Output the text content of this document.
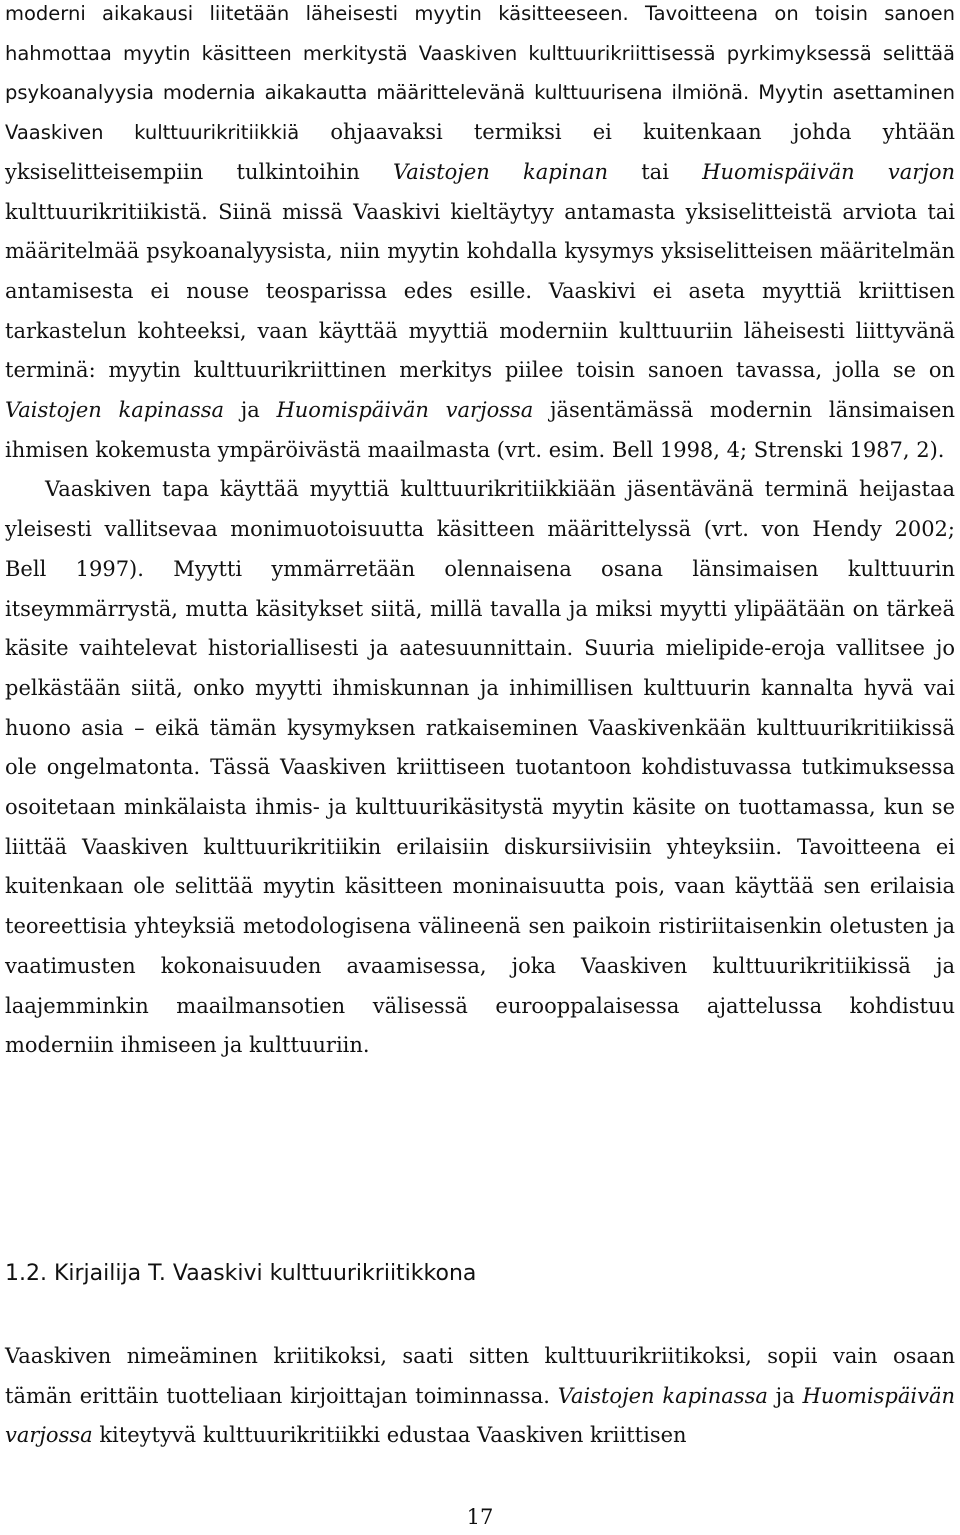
moderni aikakausi liitetään läheisesti myytin käsitteeseen. Tavoitteena on toisin sanoen hahmottaa myytin käsitteen merkitystä Vaaskiven kulttuurikriittisessä pyrkimyksessä selittää psykoanalyysia modernia aikakautta määrittelevänä kulttuurisena ilmiönä. Myytin asettaminen Vaaskiven kulttuurikritiikkiä ohjaavaksi termiksi ei kuitenkaan johda yhtään yksiselitteisempiin tulkintoihin Vaistojen kapinan tai Huomispäivän varjon kulttuurikritiikistä. Siinä missä Vaaskivi kieltäytyy antamasta yksiselitteistä arviota tai määritelmää psykoanalyysista, niin myytin kohdalla kysymys yksiselitteisen määritelmän antamisesta ei nouse teosparissa edes esille. Vaaskivi ei aseta myyttiä kriittisen tarkastelun kohteeksi, vaan käyttää myyttiä moderniin kulttuuriin läheisesti liittyvänä terminä: myytin kulttuurikriittinen merkitys piilee toisin sanoen tavassa, jolla se on Vaistojen kapinassa ja Huomispäivän varjossa jäsentämässä modernin länsimaisen ihmisen kokemusta ympäröivästä maailmasta (vrt. esim. Bell 1998, 4; Strenski 1987, 2).

Vaaskiven tapa käyttää myyttiä kulttuurikritiikkiään jäsentävänä terminä heijastaa yleisesti vallitsevaa monimuotoisuutta käsitteen määrittelyssä (vrt. von Hendy 2002; Bell 1997). Myytti ymmärretään olennaisena osana länsimaisen kulttuurin itseymmärrystä, mutta käsitykset siitä, millä tavalla ja miksi myytti ylipäätään on tärkeä käsite vaihtelevat historiallisesti ja aatesuunnittain. Suuria mielipide-eroja vallitsee jo pelkästään siitä, onko myytti ihmiskunnan ja inhimillisen kulttuurin kannalta hyvä vai huono asia – eikä tämän kysymyksen ratkaiseminen Vaaskivenkään kulttuurikritiikissä ole ongelmatonta. Tässä Vaaskiven kriittiseen tuotantoon kohdistuvassa tutkimuksessa osoitetaan minkälaista ihmis- ja kulttuurikäsitystä myytin käsite on tuottamassa, kun se liittää Vaaskiven kulttuurikritiikin erilaisiin diskursiivisiin yhteyksiin. Tavoitteena ei kuitenkaan ole selittää myytin käsitteen moninaisuutta pois, vaan käyttää sen erilaisia teoreettisia yhteyksiä metodologisena välineenä sen paikoin ristiriitaisenkin oletusten ja vaatimusten kokonaisuuden avaamisessa, joka Vaaskiven kulttuurikritiikissä ja laajemminkin maailmansotien välisessä eurooppalaisessa ajattelussa kohdistuu moderniin ihmiseen ja kulttuuriin.

1.2. Kirjailija T. Vaaskivi kulttuurikriitikkona

Vaaskiven nimeäminen kriitikoksi, saati sitten kulttuurikriitikoksi, sopii vain osaan tämän erittäin tuotteliaan kirjoittajan toiminnassa. Vaistojen kapinassa ja Huomispäivän varjossa kiteytyvä kulttuurikritiikki edustaa Vaaskiven kriittisen

17
